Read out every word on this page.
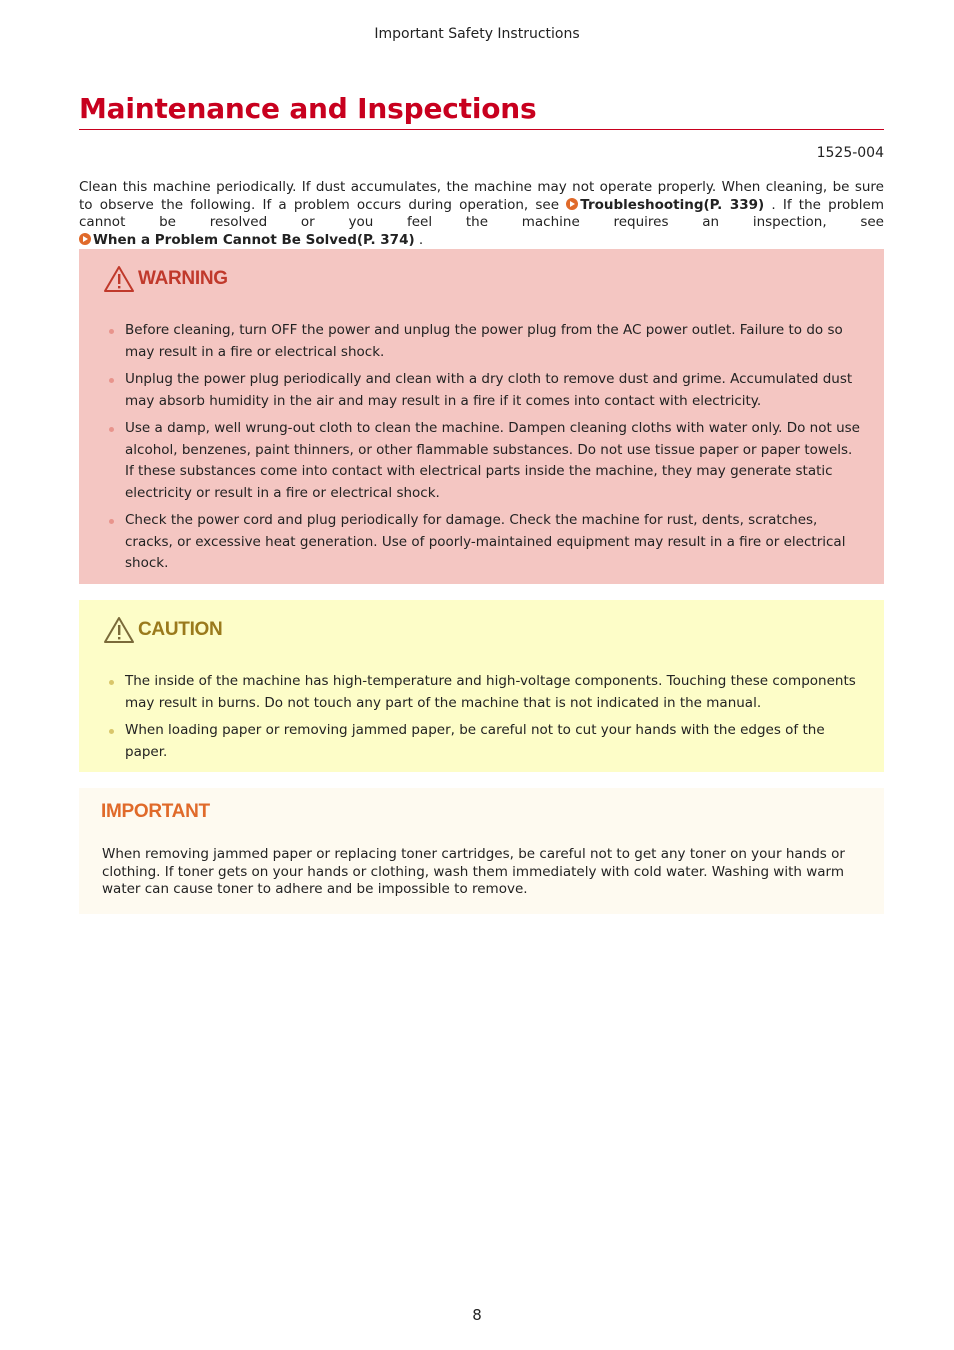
Important Safety Instructions
Maintenance and Inspections
1525-004

Clean this machine periodically. If dust accumulates, the machine may not operate properly. When cleaning, be sure to observe the following. If a problem occurs during operation, see Troubleshooting(P. 339) . If the problem cannot be resolved or you feel the machine requires an inspection, see When a Problem Cannot Be Solved(P. 374) .

WARNING
Before cleaning, turn OFF the power and unplug the power plug from the AC power outlet. Failure to do so may result in a fire or electrical shock.
Unplug the power plug periodically and clean with a dry cloth to remove dust and grime. Accumulated dust may absorb humidity in the air and may result in a fire if it comes into contact with electricity.
Use a damp, well wrung-out cloth to clean the machine. Dampen cleaning cloths with water only. Do not use alcohol, benzenes, paint thinners, or other flammable substances. Do not use tissue paper or paper towels. If these substances come into contact with electrical parts inside the machine, they may generate static electricity or result in a fire or electrical shock.
Check the power cord and plug periodically for damage. Check the machine for rust, dents, scratches, cracks, or excessive heat generation. Use of poorly-maintained equipment may result in a fire or electrical shock.
CAUTION
The inside of the machine has high-temperature and high-voltage components. Touching these components may result in burns. Do not touch any part of the machine that is not indicated in the manual.
When loading paper or removing jammed paper, be careful not to cut your hands with the edges of the paper.
IMPORTANT

When removing jammed paper or replacing toner cartridges, be careful not to get any toner on your hands or clothing. If toner gets on your hands or clothing, wash them immediately with cold water. Washing with warm water can cause toner to adhere and be impossible to remove.

8
